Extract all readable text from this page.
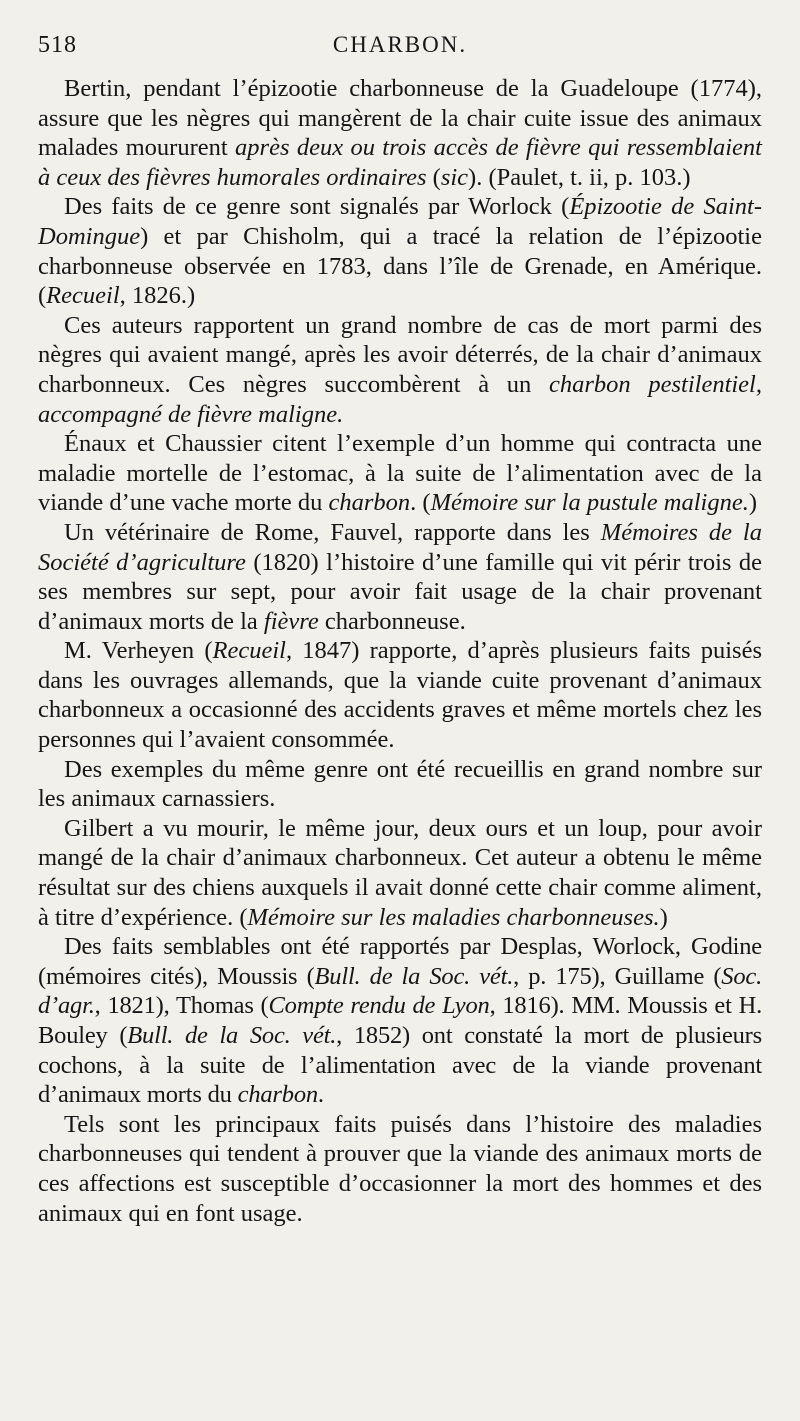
518	CHARBON.

Bertin, pendant l’épizootie charbonneuse de la Guadeloupe (1774), assure que les nègres qui mangèrent de la chair cuite issue des animaux malades moururent après deux ou trois accès de fièvre qui ressemblaient à ceux des fièvres humorales ordinaires (sic). (Paulet, t. ii, p. 103.)

Des faits de ce genre sont signalés par Worlock (Épizootie de Saint-Domingue) et par Chisholm, qui a tracé la relation de l’épizootie charbonneuse observée en 1783, dans l’île de Grenade, en Amérique. (Recueil, 1826.)

Ces auteurs rapportent un grand nombre de cas de mort parmi des nègres qui avaient mangé, après les avoir déterrés, de la chair d’animaux charbonneux. Ces nègres succombèrent à un charbon pestilentiel, accompagné de fièvre maligne.

Énaux et Chaussier citent l’exemple d’un homme qui contracta une maladie mortelle de l’estomac, à la suite de l’alimentation avec de la viande d’une vache morte du charbon. (Mémoire sur la pustule maligne.)

Un vétérinaire de Rome, Fauvel, rapporte dans les Mémoires de la Société d’agriculture (1820) l’histoire d’une famille qui vit périr trois de ses membres sur sept, pour avoir fait usage de la chair provenant d’animaux morts de la fièvre charbonneuse.

M. Verheyen (Recueil, 1847) rapporte, d’après plusieurs faits puisés dans les ouvrages allemands, que la viande cuite provenant d’animaux charbonneux a occasionné des accidents graves et même mortels chez les personnes qui l’avaient consommée.

Des exemples du même genre ont été recueillis en grand nombre sur les animaux carnassiers.

Gilbert a vu mourir, le même jour, deux ours et un loup, pour avoir mangé de la chair d’animaux charbonneux. Cet auteur a obtenu le même résultat sur des chiens auxquels il avait donné cette chair comme aliment, à titre d’expérience. (Mémoire sur les maladies charbonneuses.)

Des faits semblables ont été rapportés par Desplas, Worlock, Godine (mémoires cités), Moussis (Bull. de la Soc. vét., p. 175), Guillame (Soc. d’agr., 1821), Thomas (Compte rendu de Lyon, 1816). MM. Moussis et H. Bouley (Bull. de la Soc. vét., 1852) ont constaté la mort de plusieurs cochons, à la suite de l’alimentation avec de la viande provenant d’animaux morts du charbon.

Tels sont les principaux faits puisés dans l’histoire des maladies charbonneuses qui tendent à prouver que la viande des animaux morts de ces affections est susceptible d’occasionner la mort des hommes et des animaux qui en font usage.
